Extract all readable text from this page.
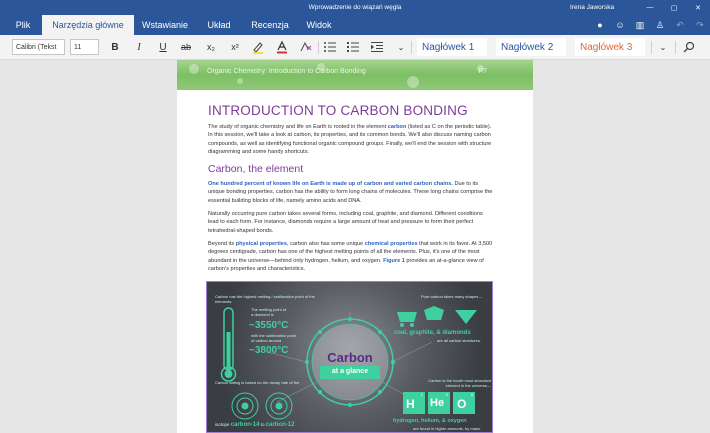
Wprowadzenie do wiązań węgla	Irena Jaworska	—	▢	✕
Plik	Narzędzia główne	Wstawianie	Układ	Recenzja	Widok	●	☺	▥	♙	↶	↷
Calibri (Tekst	11	B	I	U	ab	x₂	x²	⌄	Nagłówek 1	Nagłówek 2	Nagłówek 3	⌄
Organic Chemistry: Introduction to Carbon Bonding	P7
INTRODUCTION TO CARBON BONDING
The study of organic chemistry and life on Earth is rooted in the element carbon (listed as C on the periodic table). In this session, we'll take a look at carbon, its properties, and its common bonds. We'll also discuss naming carbon compounds, as well as identifying functional organic compound groups. Finally, we'll end the session with structure diagramming and some handy shortcuts.
Carbon, the element
One hundred percent of known life on Earth is made up of carbon and varied carbon chains. Due to its unique bonding properties, carbon has the ability to form long chains of molecules. These long chains comprise the essential building blocks of life, namely amino acids and DNA.
Naturally occurring pure carbon takes several forms, including coal, graphite, and diamond. Different conditions lead to each form. For instance, diamonds require a large amount of heat and pressure to form their perfect tetrahedral-shaped bonds.
Beyond its physical properties, carbon also has some unique chemical properties that work in its favor. At 3,500 degrees centigrade, carbon has one of the highest melting points of all the elements. Plus, it's one of the most abundant in the universe—behind only hydrogen, helium, and oxygen. Figure 1 provides an at-a-glance view of carbon's properties and characteristics.
Carbon has the highest melting / sublimation point of the elements.
The melting point of a diamond is
~3550°C
with the sublimation point of carbon around
~3800°C	Carbon
at a glance
Pure carbon takes many shapes –
coal, graphite, & diamonds
are all carbon structures.
Carbon dating is based on the decay rate of the
isotope carbon-14 to carbon-12
Carbon is the fourth most abundant element in the universe—
1
H
2
He
8
O
hydrogen, helium, & oxygen
are found in higher amounts, by mass.
